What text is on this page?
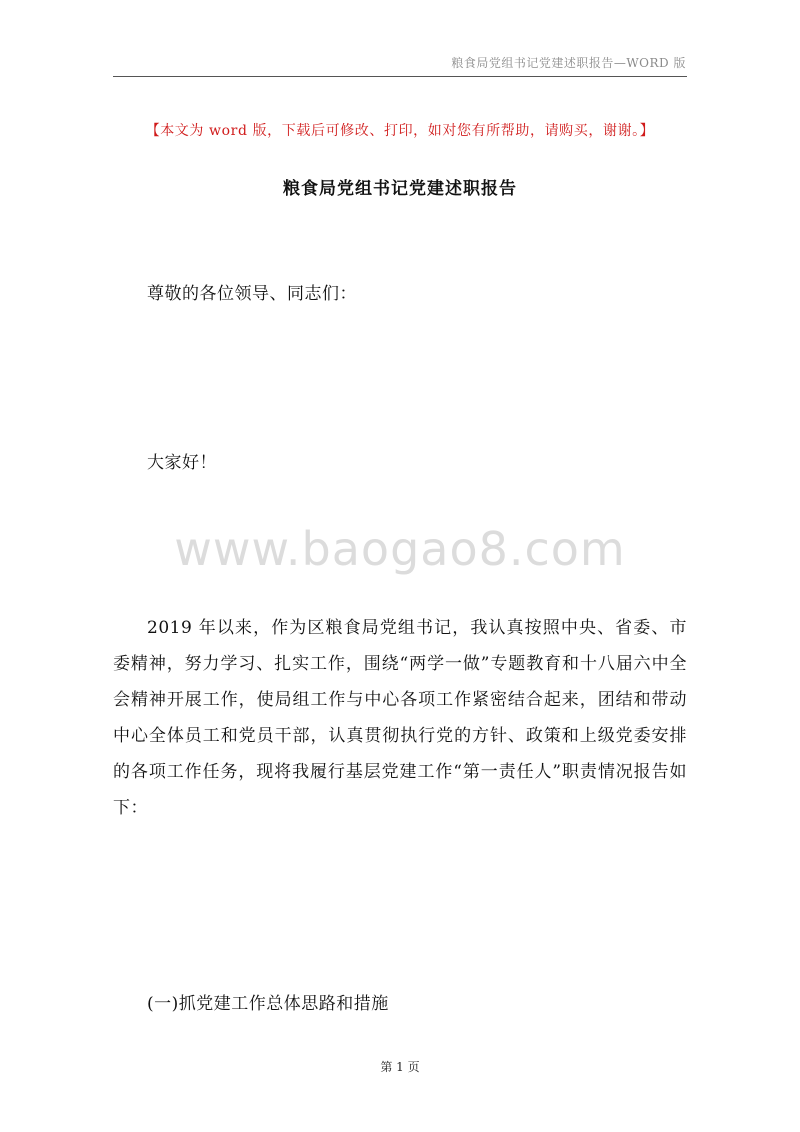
粮食局党组书记党建述职报告—WORD 版
【本文为 word 版，下载后可修改、打印，如对您有所帮助，请购买，谢谢。】
粮食局党组书记党建述职报告
尊敬的各位领导、同志们：
大家好！
www.baogao8.com
2019 年以来，作为区粮食局党组书记，我认真按照中央、省委、市委精神，努力学习、扎实工作，围绕“两学一做”专题教育和十八届六中全会精神开展工作，使局组工作与中心各项工作紧密结合起来，团结和带动中心全体员工和党员干部，认真贯彻执行党的方针、政策和上级党委安排的各项工作任务，现将我履行基层党建工作“第一责任人”职责情况报告如下：
(一)抓党建工作总体思路和措施
第 1 页
